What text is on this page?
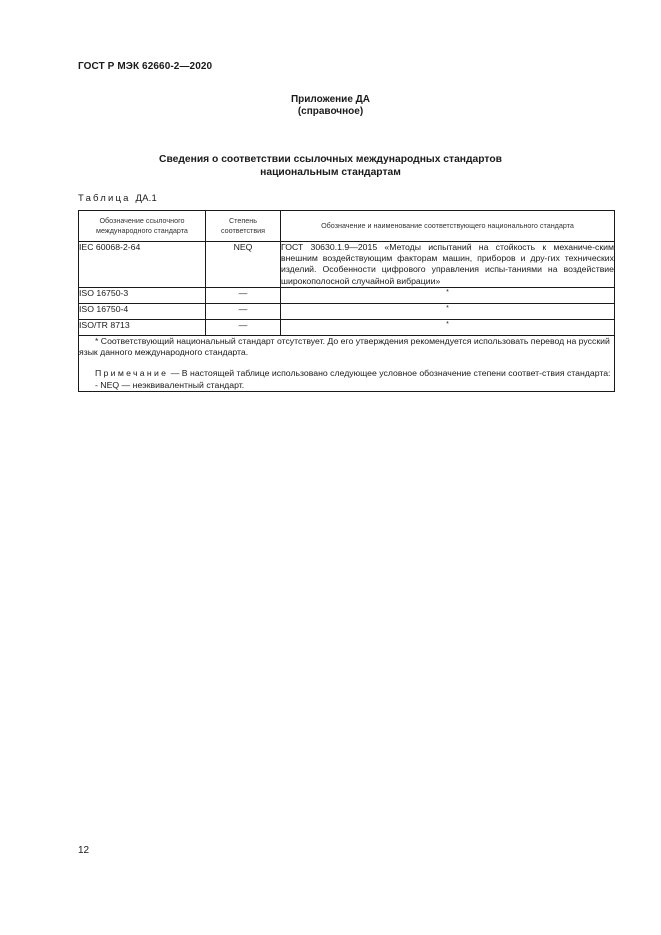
ГОСТ Р МЭК 62660-2—2020
Приложение ДА
(справочное)
Сведения о соответствии ссылочных международных стандартов
национальным стандартам
Таблица ДА.1
Обозначение ссылочного международного стандарта	Степень соответствия	Обозначение и наименование соответствующего национального стандарта
IEC 60068-2-64	NEQ	ГОСТ 30630.1.9—2015 «Методы испытаний на стойкость к механиче-ским внешним воздействующим факторам машин, приборов и дру-гих технических изделий. Особенности цифрового управления испы-таниями на воздействие широкополосной случайной вибрации»
ISO 16750-3	—	*
ISO 16750-4	—	*
ISO/TR 8713	—	*

* Соответствующий национальный стандарт отсутствует. До его утверждения рекомендуется использовать перевод на русский язык данного международного стандарта.

Примечание — В настоящей таблице использовано следующее условное обозначение степени соответ-ствия стандарта:

- NEQ — неэквивалентный стандарт.		

12
